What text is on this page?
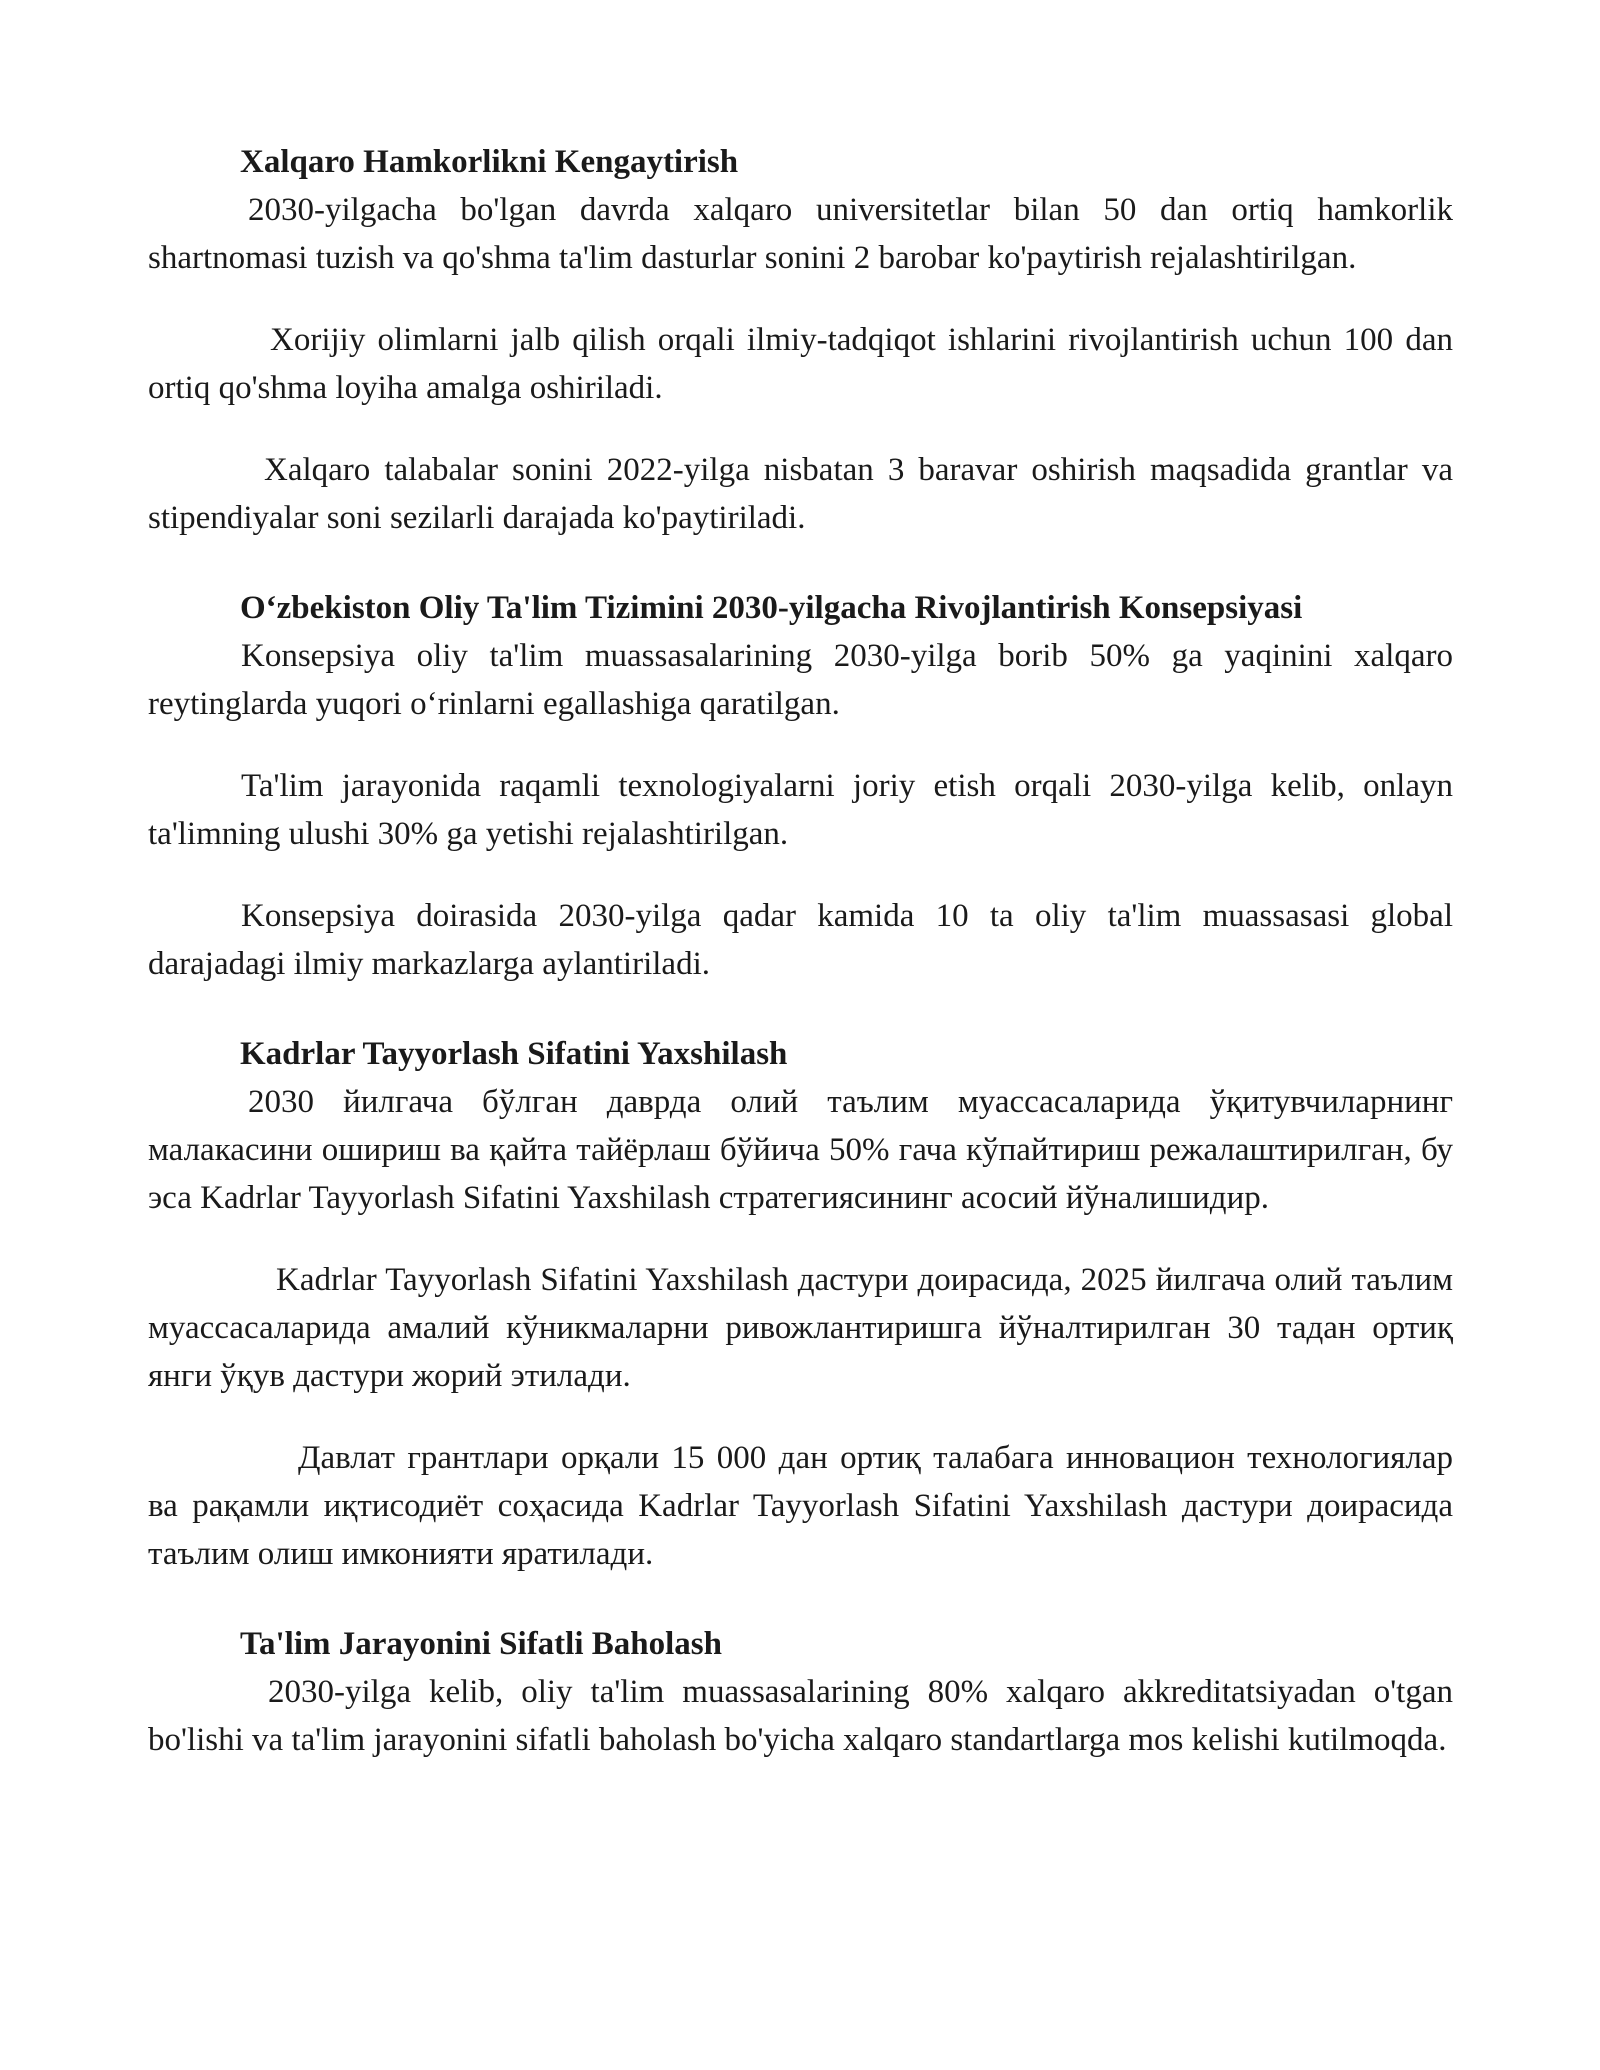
Xalqaro Hamkorlikni Kengaytirish

2030-yilgacha bo'lgan davrda xalqaro universitetlar bilan 50 dan ortiq hamkorlik shartnomasi tuzish va qo'shma ta'lim dasturlar sonini 2 barobar ko'paytirish rejalashtirilgan.

Xorijiy olimlarni jalb qilish orqali ilmiy-tadqiqot ishlarini rivojlantirish uchun 100 dan ortiq qo'shma loyiha amalga oshiriladi.

Xalqaro talabalar sonini 2022-yilga nisbatan 3 baravar oshirish maqsadida grantlar va stipendiyalar soni sezilarli darajada ko'paytiriladi.

Oʻzbekiston Oliy Ta'lim Tizimini 2030-yilgacha Rivojlantirish Konsepsiyasi

Konsepsiya oliy ta'lim muassasalarining 2030-yilga borib 50% ga yaqinini xalqaro reytinglarda yuqori oʻrinlarni egallashiga qaratilgan.

Ta'lim jarayonida raqamli texnologiyalarni joriy etish orqali 2030-yilga kelib, onlayn ta'limning ulushi 30% ga yetishi rejalashtirilgan.

Konsepsiya doirasida 2030-yilga qadar kamida 10 ta oliy ta'lim muassasasi global darajadagi ilmiy markazlarga aylantiriladi.

Kadrlar Tayyorlash Sifatini Yaxshilash

2030 йилгача бўлган даврда олий таълим муассасаларида ўқитувчиларнинг малакасини ошириш ва қайта тайёрлаш бўйича 50% гача кўпайтириш режалаштирилган, бу эса Kadrlar Tayyorlash Sifatini Yaxshilash стратегиясининг асосий йўналишидир.

Kadrlar Tayyorlash Sifatini Yaxshilash дастури доирасида, 2025 йилгача олий таълим муассасаларида амалий кўникмаларни ривожлантиришга йўналтирилган 30 тадан ортиқ янги ўқув дастури жорий этилади.

Давлат грантлари орқали 15 000 дан ортиқ талабага инновацион технологиялар ва рақамли иқтисодиёт соҳасида Kadrlar Tayyorlash Sifatini Yaxshilash дастури доирасида таълим олиш имконияти яратилади.

Ta'lim Jarayonini Sifatli Baholash

2030-yilga kelib, oliy ta'lim muassasalarining 80% xalqaro akkreditatsiyadan o'tgan bo'lishi va ta'lim jarayonini sifatli baholash bo'yicha xalqaro standartlarga mos kelishi kutilmoqda.
